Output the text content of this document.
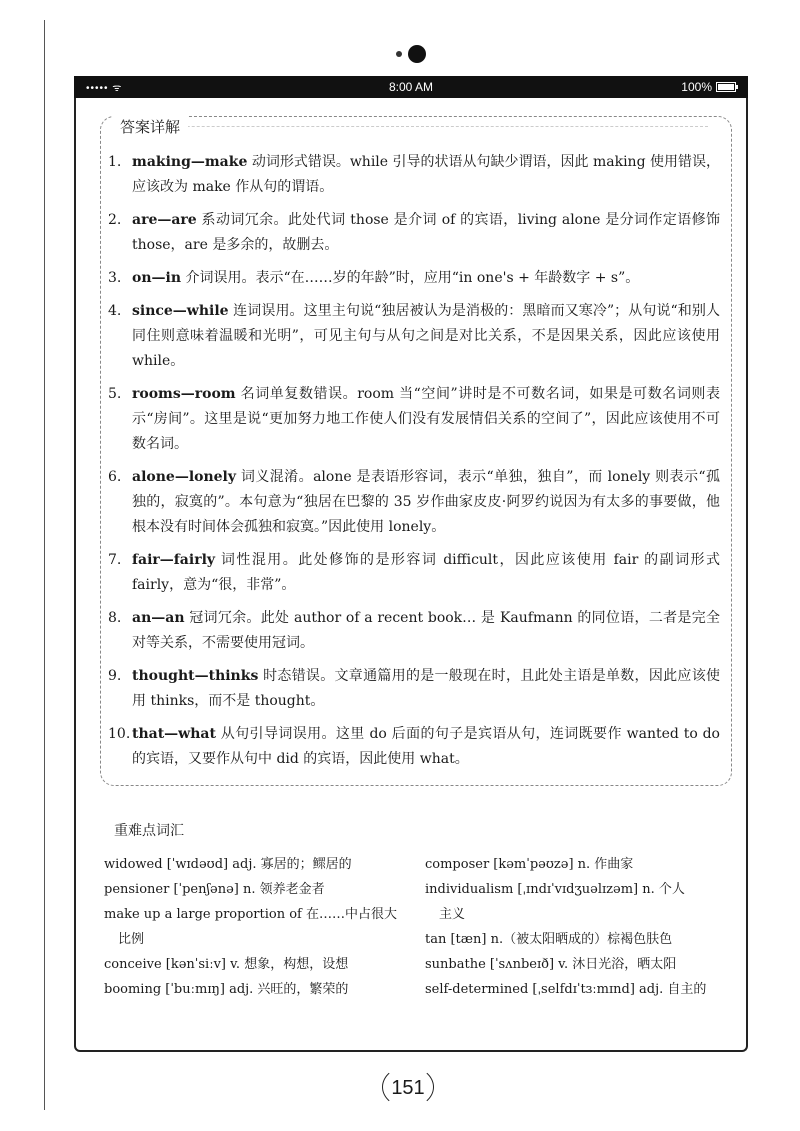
••••• ᯤ	8:00 AM	100%
答案详解
1. making—make 动词形式错误。while 引导的状语从句缺少谓语，因此 making 使用错误，应该改为 make 作从句的谓语。
2. are—are 系动词冗余。此处代词 those 是介词 of 的宾语，living alone 是分词作定语修饰 those，are 是多余的，故删去。
3. on—in 介词误用。表示“在……岁的年龄”时，应用“in one's + 年龄数字 + s”。
4. since—while 连词误用。这里主句说“独居被认为是消极的：黑暗而又寒冷”；从句说“和别人同住则意味着温暖和光明”，可见主句与从句之间是对比关系，不是因果关系，因此应该使用 while。
5. rooms—room 名词单复数错误。room 当“空间”讲时是不可数名词，如果是可数名词则表示“房间”。这里是说“更加努力地工作使人们没有发展情侣关系的空间了”，因此应该使用不可数名词。
6. alone—lonely 词义混淆。alone 是表语形容词，表示“单独，独自”，而 lonely 则表示“孤独的，寂寞的”。本句意为“独居在巴黎的 35 岁作曲家皮皮·阿罗约说因为有太多的事要做，他根本没有时间体会孤独和寂寞。”因此使用 lonely。
7. fair—fairly 词性混用。此处修饰的是形容词 difficult，因此应该使用 fair 的副词形式 fairly，意为“很，非常”。
8. an—an 冠词冗余。此处 author of a recent book… 是 Kaufmann 的同位语，二者是完全对等关系，不需要使用冠词。
9. thought—thinks 时态错误。文章通篇用的是一般现在时，且此处主语是单数，因此应该使用 thinks，而不是 thought。
10. that—what 从句引导词误用。这里 do 后面的句子是宾语从句，连词既要作 wanted to do 的宾语，又要作从句中 did 的宾语，因此使用 what。
重难点词汇
widowed [ˈwɪdəʊd] adj. 寡居的；鳏居的
pensioner [ˈpenʃənə] n. 领养老金者
make up a large proportion of 在……中占很大
比例
conceive [kənˈsiːv] v. 想象，构想，设想
booming [ˈbuːmɪŋ] adj. 兴旺的，繁荣的
composer [kəmˈpəʊzə] n. 作曲家
individualism [ˌɪndɪˈvɪdʒuəlɪzəm] n. 个人
主义
tan [tæn] n.（被太阳晒成的）棕褐色肤色
sunbathe [ˈsʌnbeɪð] v. 沐日光浴，晒太阳
self-determined [ˌselfdɪˈtɜːmɪnd] adj. 自主的
151
